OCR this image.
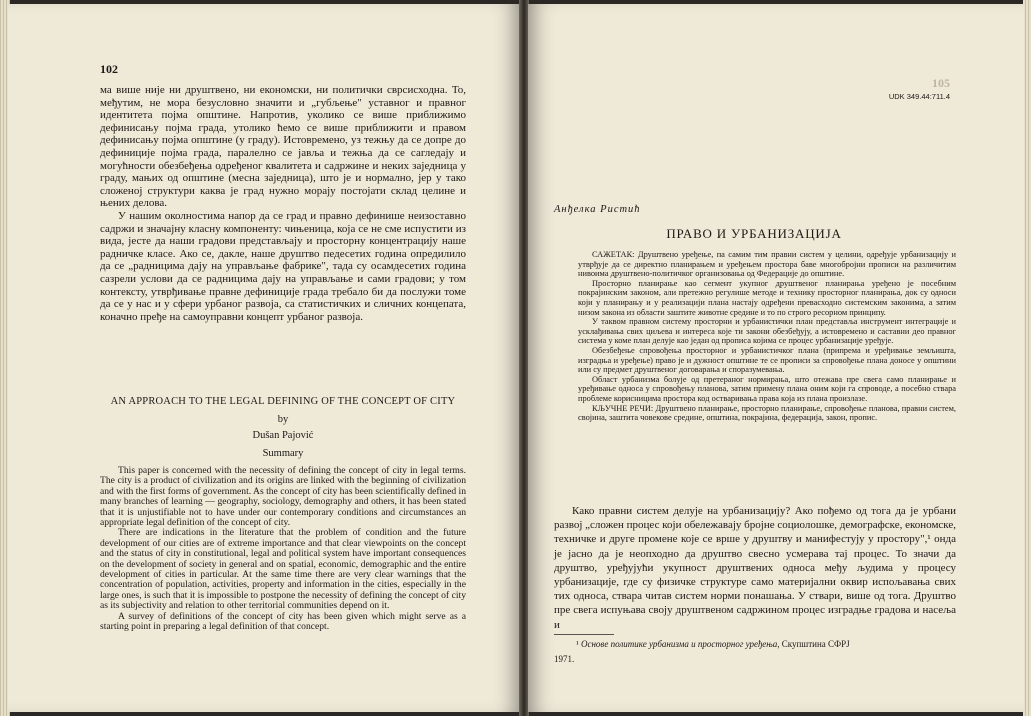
102

ма више није ни друштвено, ни економски, ни политички сврсисходна. То, међутим, не мора безусловно значити и „губљење" уставног и правног идентитета појма општине. Напротив, уколико се више приближимо дефинисању појма града, утолико ћемо се више приближити и правом дефинисању појма општине (у граду). Истовремено, уз тежњу да се допре до дефиниције појма града, паралелно се јавља и тежња да се сагледају и могућности обезбеђења одређеног квалитета и садржине и неких заједница у граду, мањих од општине (месна заједница), што је и нормално, јер у тако сложеној структури каква је град нужно морају постојати склад целине и њених делова.

У нашим околностима напор да се град и правно дефинише неизоставно садржи и значајну класну компоненту: чињеница, која се не сме испустити из вида, јесте да наши градови представљају и просторну концентрацију наше радничке класе. Ако се, дакле, наше друштво педесетих година опредилило да се „радницима дају на управљање фабрике", тада су осамдесетих година сазрели услови да се радницима дају на управљање и сами градови; у том контексту, утврђивање правне дефиниције града требало би да послужи томе да се у нас и у сфери урбаног развоја, са статистичких и сличних концепата, коначно пређе на самоуправни концепт урбаног развоја.

AN APPROACH TO THE LEGAL DEFINING OF THE CONCEPT OF CITY
by
Dušan Pajović
Summary

This paper is concerned with the necessity of defining the concept of city in legal terms. The city is a product of civilization and its origins are linked with the beginning of civilization and with the first forms of government. As the concept of city has been scientifically defined in many branches of learning — geography, sociology, demography and others, it has been stated that it is unjustifiable not to have under our contemporary conditions and circumstances an appropriate legal definition of the concept of city.

There are indications in the literature that the problem of condition and the future development of our cities are of extreme importance and that clear viewpoints on the concept and the status of city in constitutional, legal and political system have important consequences on the development of society in general and on spatial, economic, demographic and the entire development of cities in particular. At the same time there are very clear warnings that the concentration of population, activities, property and information in the cities, especially in the large ones, is such that it is impossible to postpone the necessity of defining the concept of city as its subjectivity and relation to other territorial communities depend on it.

A survey of definitions of the concept of city has been given which might serve as a starting point in preparing a legal definition of that concept.

105
UDK 349.44:711.4
Анђелка Ристић
ПРАВО И УРБАНИЗАЦИЈА

САЖЕТАК: Друштвено уређење, па самим тим правни систем у целини, одређује урбанизацију и утврђује да се директно планирањем и уређењем простора баве многобројни прописи на различитим нивоима друштвено-политичког организовања од Федерације до општине.

Просторно планирање као сегмент укупног друштвеног планирања уређено је посебним покрајинским законом, али претежно регулише методе и технику просторног планирања, док су односи који у планирању и у реализацији плана настају одређени превасходно системским законима, а затим низом закона из области заштите животне средине и то по строго ресорном принципу.

У таквом правном систему просторни и урбанистички план представља инструмент интеграције и усклађивања свих циљева и интереса које ти закони обезбеђују, а истовремено и саставни део правног система у коме план делује као један од прописа којима се процес урбанизације уређује.

Обезбеђење спровођења просторног и урбанистичког плана (припрема и уређивање земљишта, изградња и уређење) право је и дужност општине те се прописи за спровођење плана доносе у општини или су предмет друштвеног договарања и споразумевања.

Област урбанизма болује од претераног нормирања, што отежава пре свега само планирање и уређивање односа у спровођењу планова, затим примену плана оним који га спроводе, а посебно ствара проблеме корисницима простора код остваривања права која из плана произлазе.

КЉУЧНЕ РЕЧИ: Друштвено планирање, просторно планирање, спровођење планова, правни систем, својина, заштита човекове средине, општина, покрајина, федерација, закон, пропис.

Како правни систем делује на урбанизацију? Ако пођемо од тога да је урбани развој „сложен процес који обележавају бројне социолошке, демографске, економске, техничке и друге промене које се врше у друштву и манифестују у простору",¹ онда је јасно да је неопходно да друштво свесно усмерава тај процес. То значи да друштво, уређујући укупност друштвених односа међу људима у процесу урбанизације, где су физичке структуре само материјални оквир испољавања свих тих односа, ствара читав систем норми понашања. У ствари, више од тога. Друштво пре свега испуњава своју друштвеном садржином процес изградње градова и насеља и

¹ Основе политике урбанизма и просторног уређења, Скупштина СФРЈ
1971.
